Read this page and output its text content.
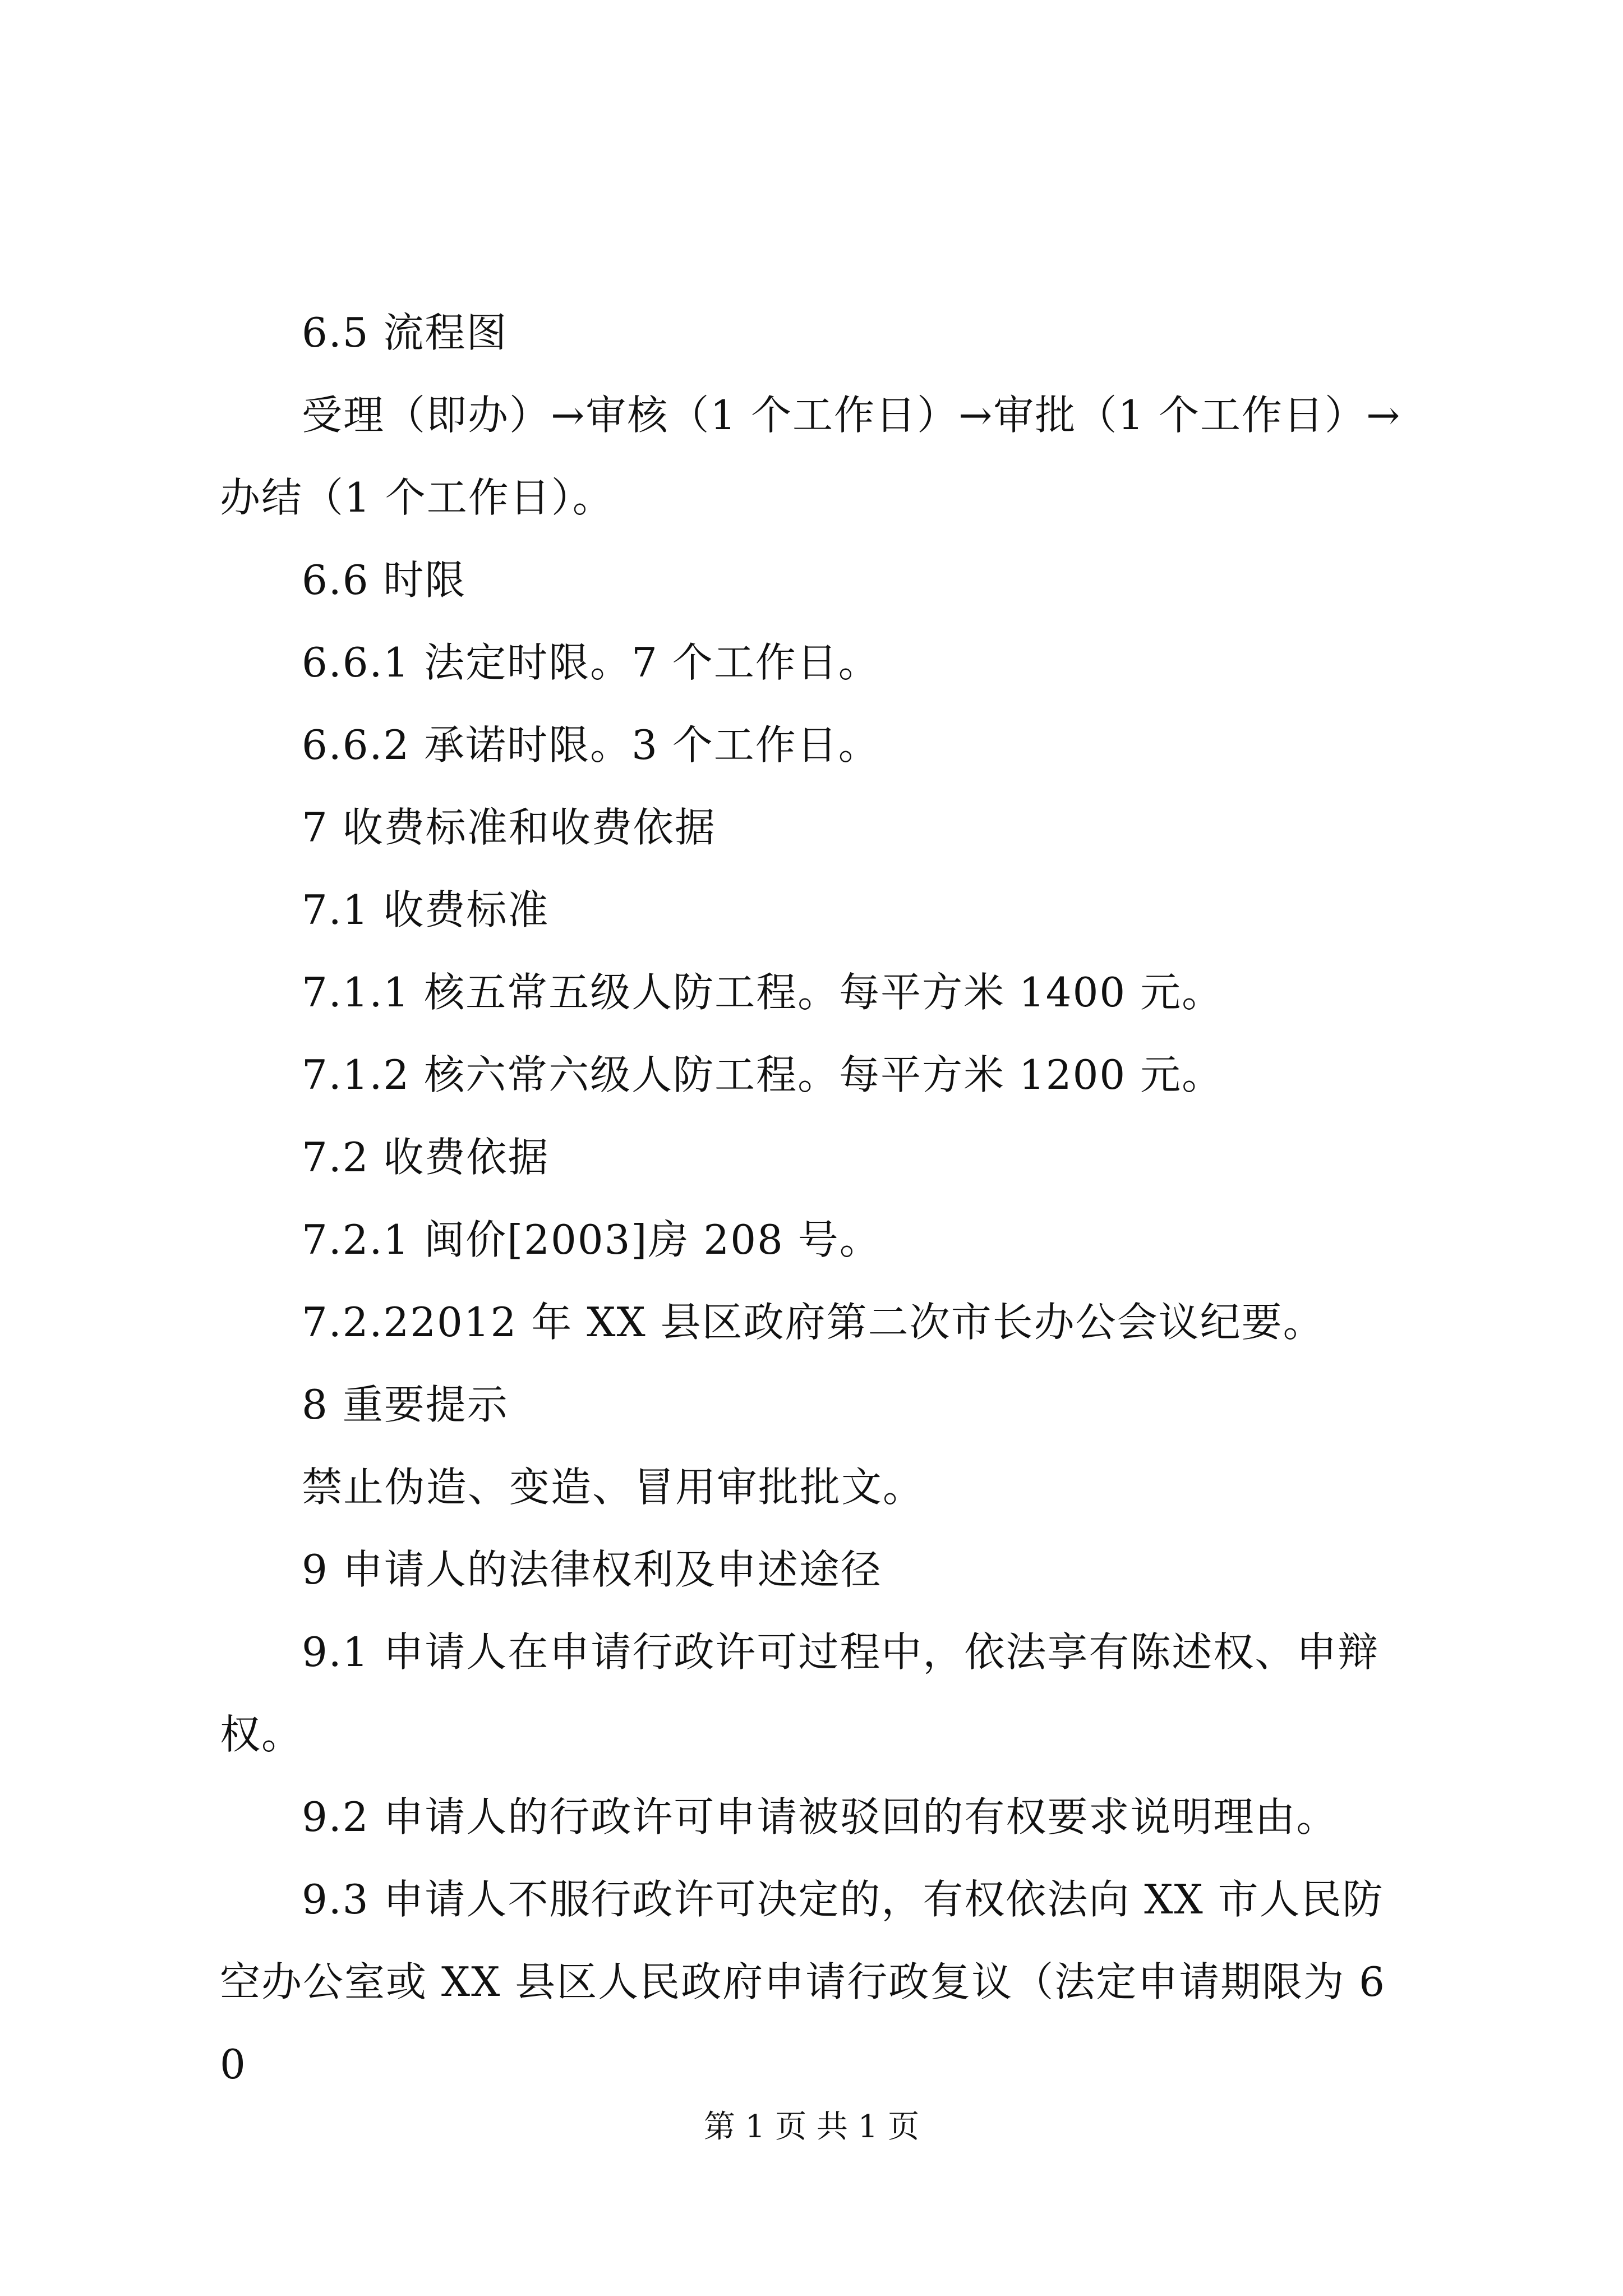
6.5 流程图

受理（即办）→审核（1 个工作日）→审批（1 个工作日）→办结（1 个工作日）。

6.6 时限

6.6.1 法定时限。7 个工作日。

6.6.2 承诺时限。3 个工作日。

7 收费标准和收费依据

7.1 收费标准

7.1.1 核五常五级人防工程。每平方米 1400 元。

7.1.2 核六常六级人防工程。每平方米 1200 元。

7.2 收费依据

7.2.1 闽价[2003]房 208 号。

7.2.22012 年 XX 县区政府第二次市长办公会议纪要。

8 重要提示

禁止伪造、变造、冒用审批批文。

9 申请人的法律权利及申述途径

9.1 申请人在申请行政许可过程中，依法享有陈述权、申辩权。

9.2 申请人的行政许可申请被驳回的有权要求说明理由。

9.3 申请人不服行政许可决定的，有权依法向 XX 市人民防空办公室或 XX 县区人民政府申请行政复议（法定申请期限为 60

第 1 页 共 1 页
